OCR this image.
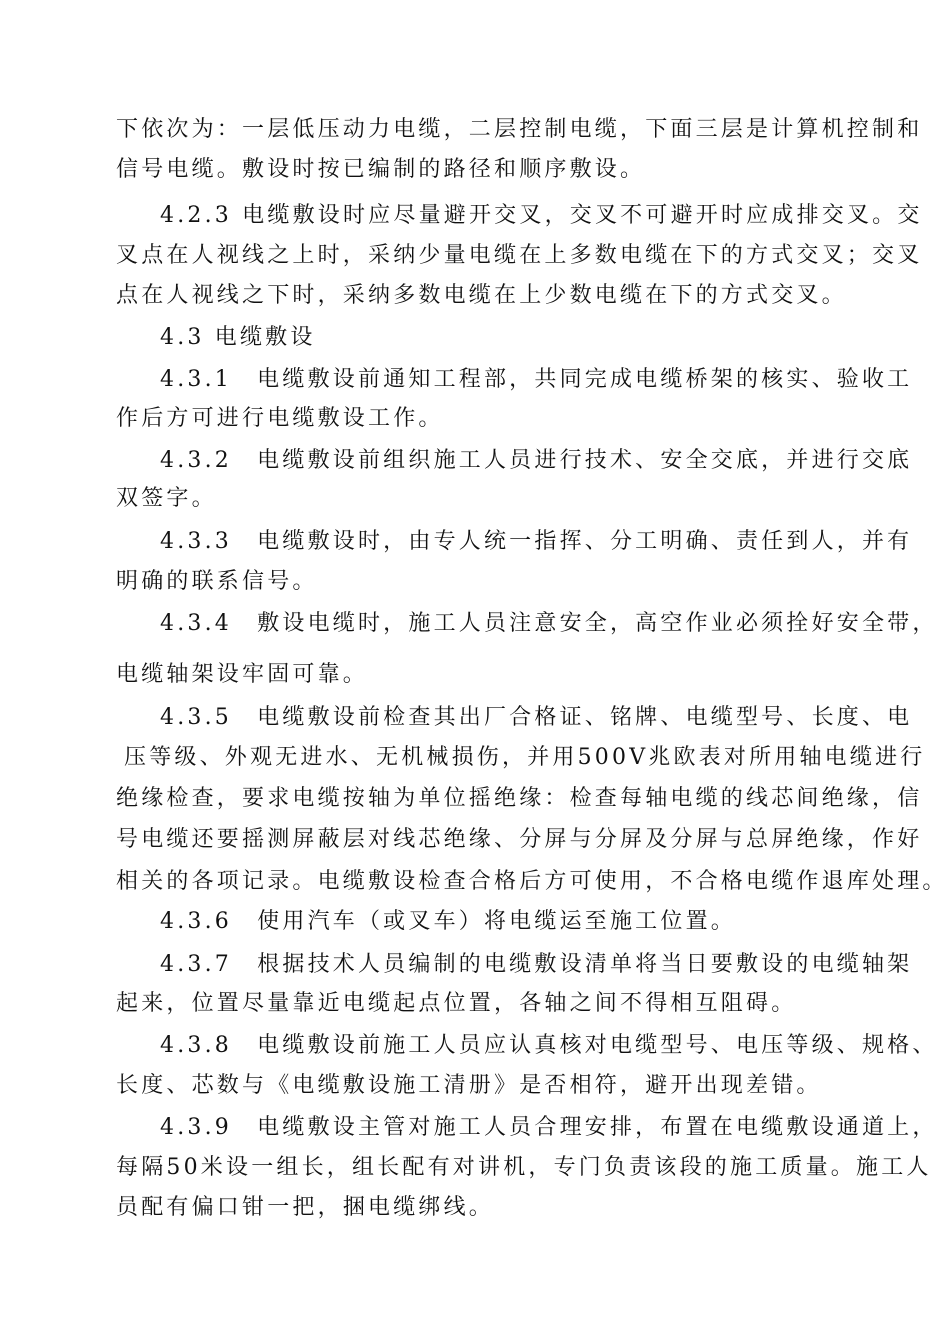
下依次为：一层低压动力电缆，二层控制电缆，下面三层是计算机控制和
信号电缆。敷设时按已编制的路径和顺序敷设。
4.2.3 电缆敷设时应尽量避开交叉，交叉不可避开时应成排交叉。交
叉点在人视线之上时，采纳少量电缆在上多数电缆在下的方式交叉；交叉
点在人视线之下时，采纳多数电缆在上少数电缆在下的方式交叉。
4.3 电缆敷设
4.3.1　电缆敷设前通知工程部，共同完成电缆桥架的核实、验收工
作后方可进行电缆敷设工作。
4.3.2　电缆敷设前组织施工人员进行技术、安全交底，并进行交底
双签字。
4.3.3　电缆敷设时，由专人统一指挥、分工明确、责任到人，并有
明确的联系信号。
4.3.4　敷设电缆时，施工人员注意安全，高空作业必须拴好安全带，
电缆轴架设牢固可靠。
4.3.5　电缆敷设前检查其出厂合格证、铭牌、电缆型号、长度、电
压等级、外观无进水、无机械损伤，并用500V兆欧表对所用轴电缆进行
绝缘检查，要求电缆按轴为单位摇绝缘：检查每轴电缆的线芯间绝缘，信
号电缆还要摇测屏蔽层对线芯绝缘、分屏与分屏及分屏与总屏绝缘，作好
相关的各项记录。电缆敷设检查合格后方可使用，不合格电缆作退库处理。
4.3.6　使用汽车（或叉车）将电缆运至施工位置。
4.3.7　根据技术人员编制的电缆敷设清单将当日要敷设的电缆轴架
起来，位置尽量靠近电缆起点位置，各轴之间不得相互阻碍。
4.3.8　电缆敷设前施工人员应认真核对电缆型号、电压等级、规格、
长度、芯数与《电缆敷设施工清册》是否相符，避开出现差错。
4.3.9　电缆敷设主管对施工人员合理安排，布置在电缆敷设通道上，
每隔50米设一组长，组长配有对讲机，专门负责该段的施工质量。施工人
员配有偏口钳一把，捆电缆绑线。
